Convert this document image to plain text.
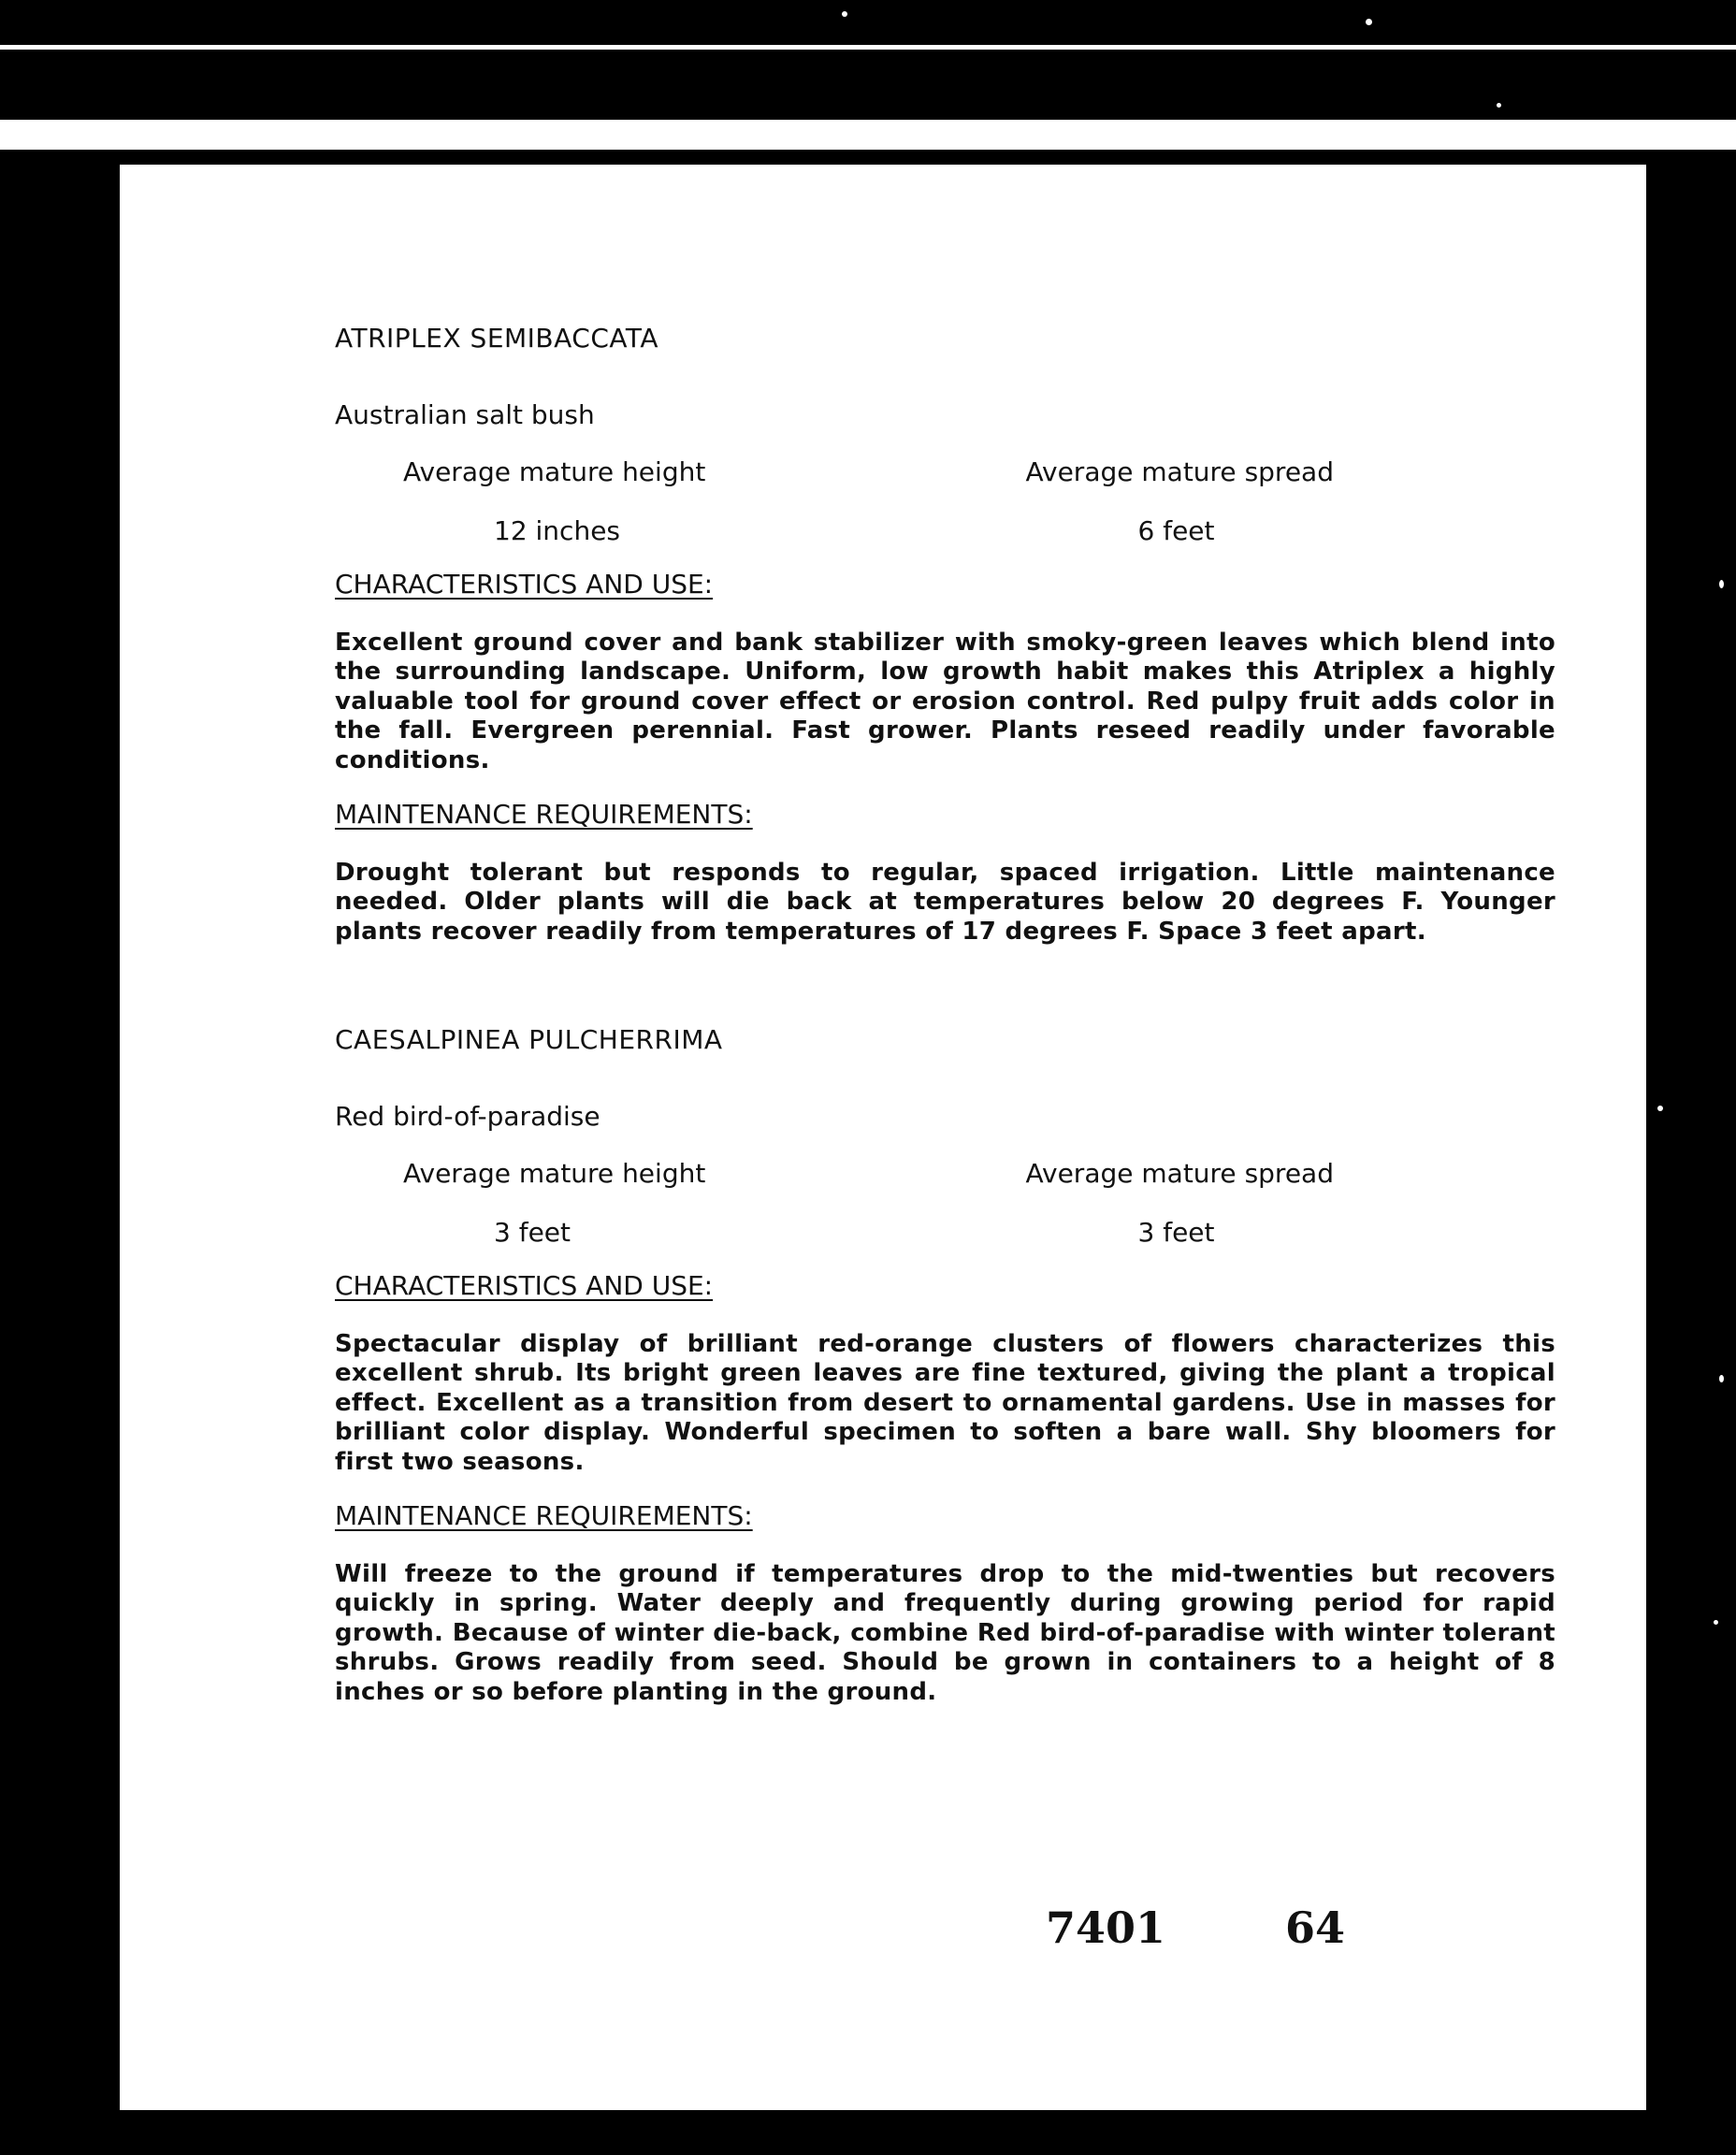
ATRIPLEX SEMIBACCATA

Australian salt bush

Average mature height
12 inches
Average mature spread
6 feet
CHARACTERISTICS AND USE:

Excellent ground cover and bank stabilizer with smoky-green leaves which blend into the surrounding landscape. Uniform, low growth habit makes this Atriplex a highly valuable tool for ground cover effect or erosion control. Red pulpy fruit adds color in the fall. Evergreen perennial. Fast grower. Plants reseed readily under favorable conditions.

MAINTENANCE REQUIREMENTS:

Drought tolerant but responds to regular, spaced irrigation. Little maintenance needed. Older plants will die back at temperatures below 20 degrees F. Younger plants recover readily from temperatures of 17 degrees F. Space 3 feet apart.

CAESALPINEA PULCHERRIMA

Red bird-of-paradise

Average mature height
3 feet
Average mature spread
3 feet
CHARACTERISTICS AND USE:

Spectacular display of brilliant red-orange clusters of flowers characterizes this excellent shrub. Its bright green leaves are fine textured, giving the plant a tropical effect. Excellent as a transition from desert to ornamental gardens. Use in masses for brilliant color display. Wonderful specimen to soften a bare wall. Shy bloomers for first two seasons.

MAINTENANCE REQUIREMENTS:

Will freeze to the ground if temperatures drop to the mid-twenties but recovers quickly in spring. Water deeply and frequently during growing period for rapid growth. Because of winter die-back, combine Red bird-of-paradise with winter tolerant shrubs. Grows readily from seed. Should be grown in containers to a height of 8 inches or so before planting in the ground.

7401	64
